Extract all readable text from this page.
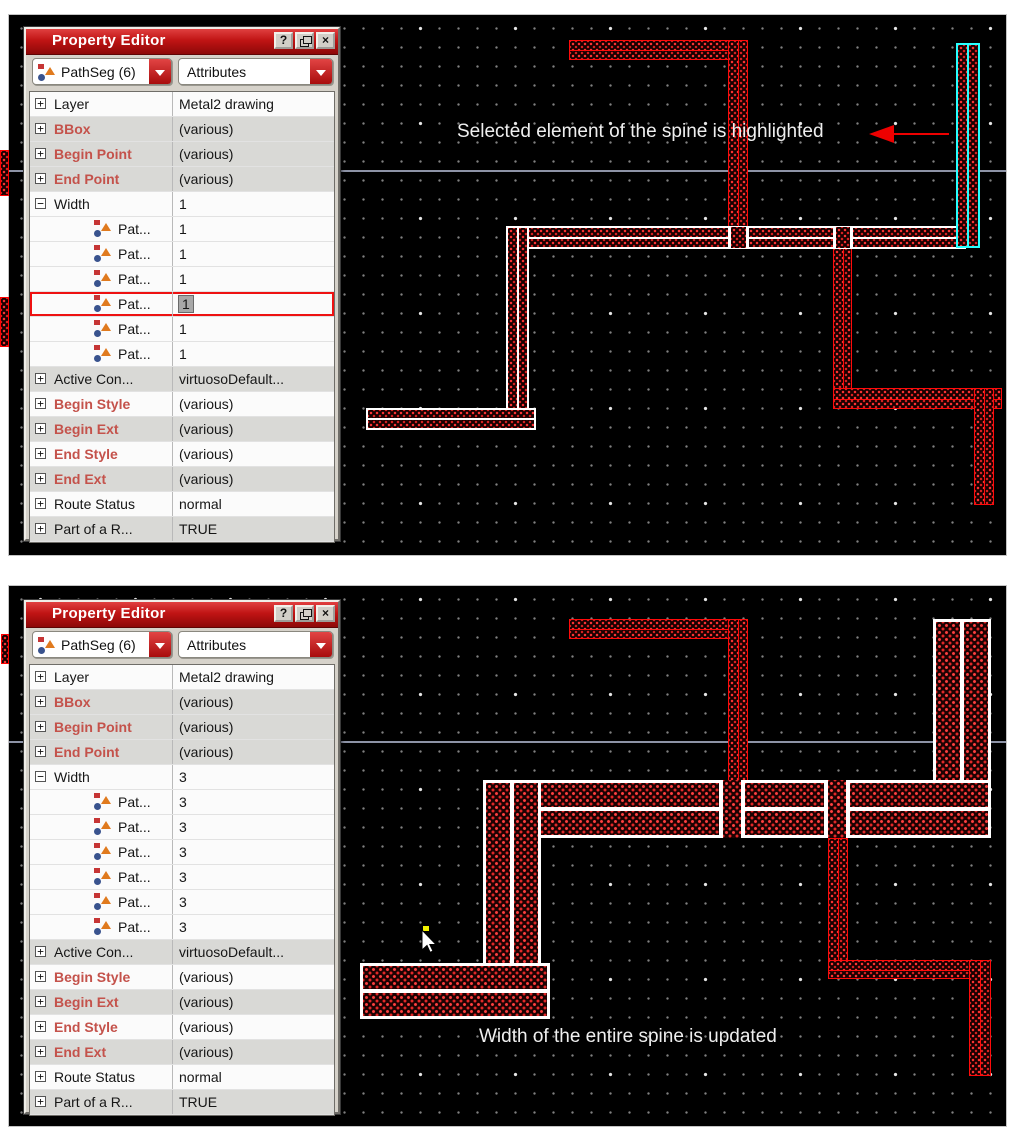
Selected element of the spine is highlighted
Property Editor	?	×
PathSeg (6)	Attributes
+ Layer	Metal2 drawing
+ BBox	(various)
+ Begin Point	(various)
+ End Point	(various)
− Width	1
Pat...	1
Pat...	1
Pat...	1
Pat...	1
Pat...	1
Pat...	1
+ Active Con...	virtuosoDefault...
+ Begin Style	(various)
+ Begin Ext	(various)
+ End Style	(various)
+ End Ext	(various)
+ Route Status	normal
+ Part of a R...	TRUE
Width of the entire spine is updated
Property Editor	?	×
PathSeg (6)	Attributes
+ Layer	Metal2 drawing
+ BBox	(various)
+ Begin Point	(various)
+ End Point	(various)
− Width	3
Pat...	3
Pat...	3
Pat...	3
Pat...	3
Pat...	3
Pat...	3
+ Active Con...	virtuosoDefault...
+ Begin Style	(various)
+ Begin Ext	(various)
+ End Style	(various)
+ End Ext	(various)
+ Route Status	normal
+ Part of a R...	TRUE
